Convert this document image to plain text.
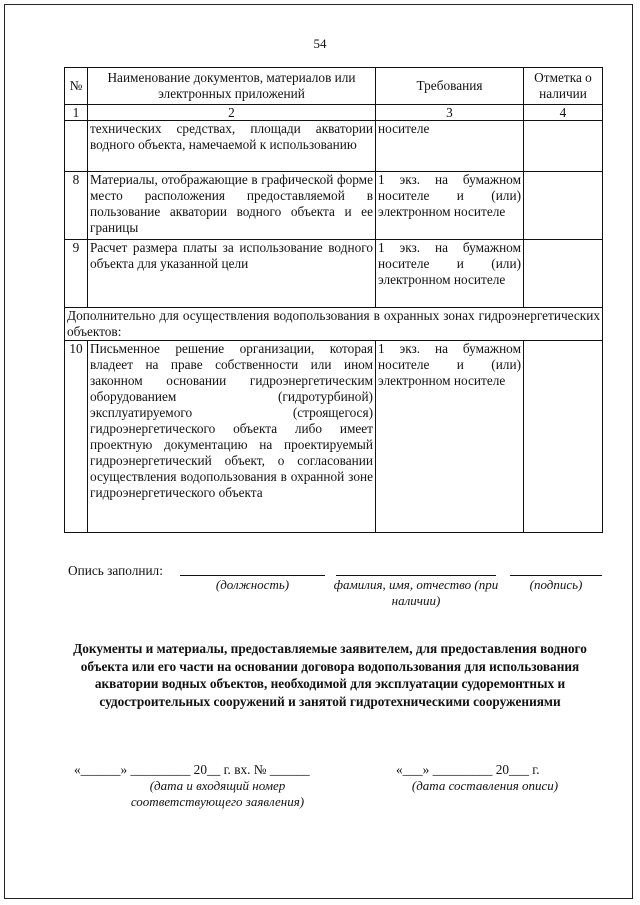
54
№	Наименование документов, материалов или электронных приложений	Требования	Отметка о наличии
1	2	3	4
	технических средствах, площади акватории водного объекта, намечаемой к использованию	носителе	
8	Материалы, отображающие в графической форме место расположения предоставляемой в пользование акватории водного объекта и ее границы	1 экз. на бумажном носителе и (или) электронном носителе	
9	Расчет размера платы за использование водного объекта для указанной цели	1 экз. на бумажном носителе и (или) электронном носителе	
Дополнительно для осуществления водопользования в охранных зонах гидроэнергетических объектов:			
10	Письменное решение организации, которая владеет на праве собственности или ином законном основании гидроэнергетическим оборудованием (гидротурбиной) эксплуатируемого (строящегося) гидроэнергетического объекта либо имеет проектную документацию на проектируемый гидроэнергетический объект, о согласовании осуществления водопользования в охранной зоне гидроэнергетического объекта	1 экз. на бумажном носителе и (или) электронном носителе	
Опись заполнил:
(должность)	фамилия, имя, отчество (при наличии)
(подпись)
Документы и материалы, предоставляемые заявителем, для предоставления водного объекта или его части на основании договора водопользования для использования акватории водных объектов, необходимой для эксплуатации судоремонтных и судостроительных сооружений и занятой гидротехническими сооружениями
«______» _________ 20__ г. вх. № ______
(дата и входящий номер соответствующего заявления)
«___» _________ 20___ г.
(дата составления описи)
